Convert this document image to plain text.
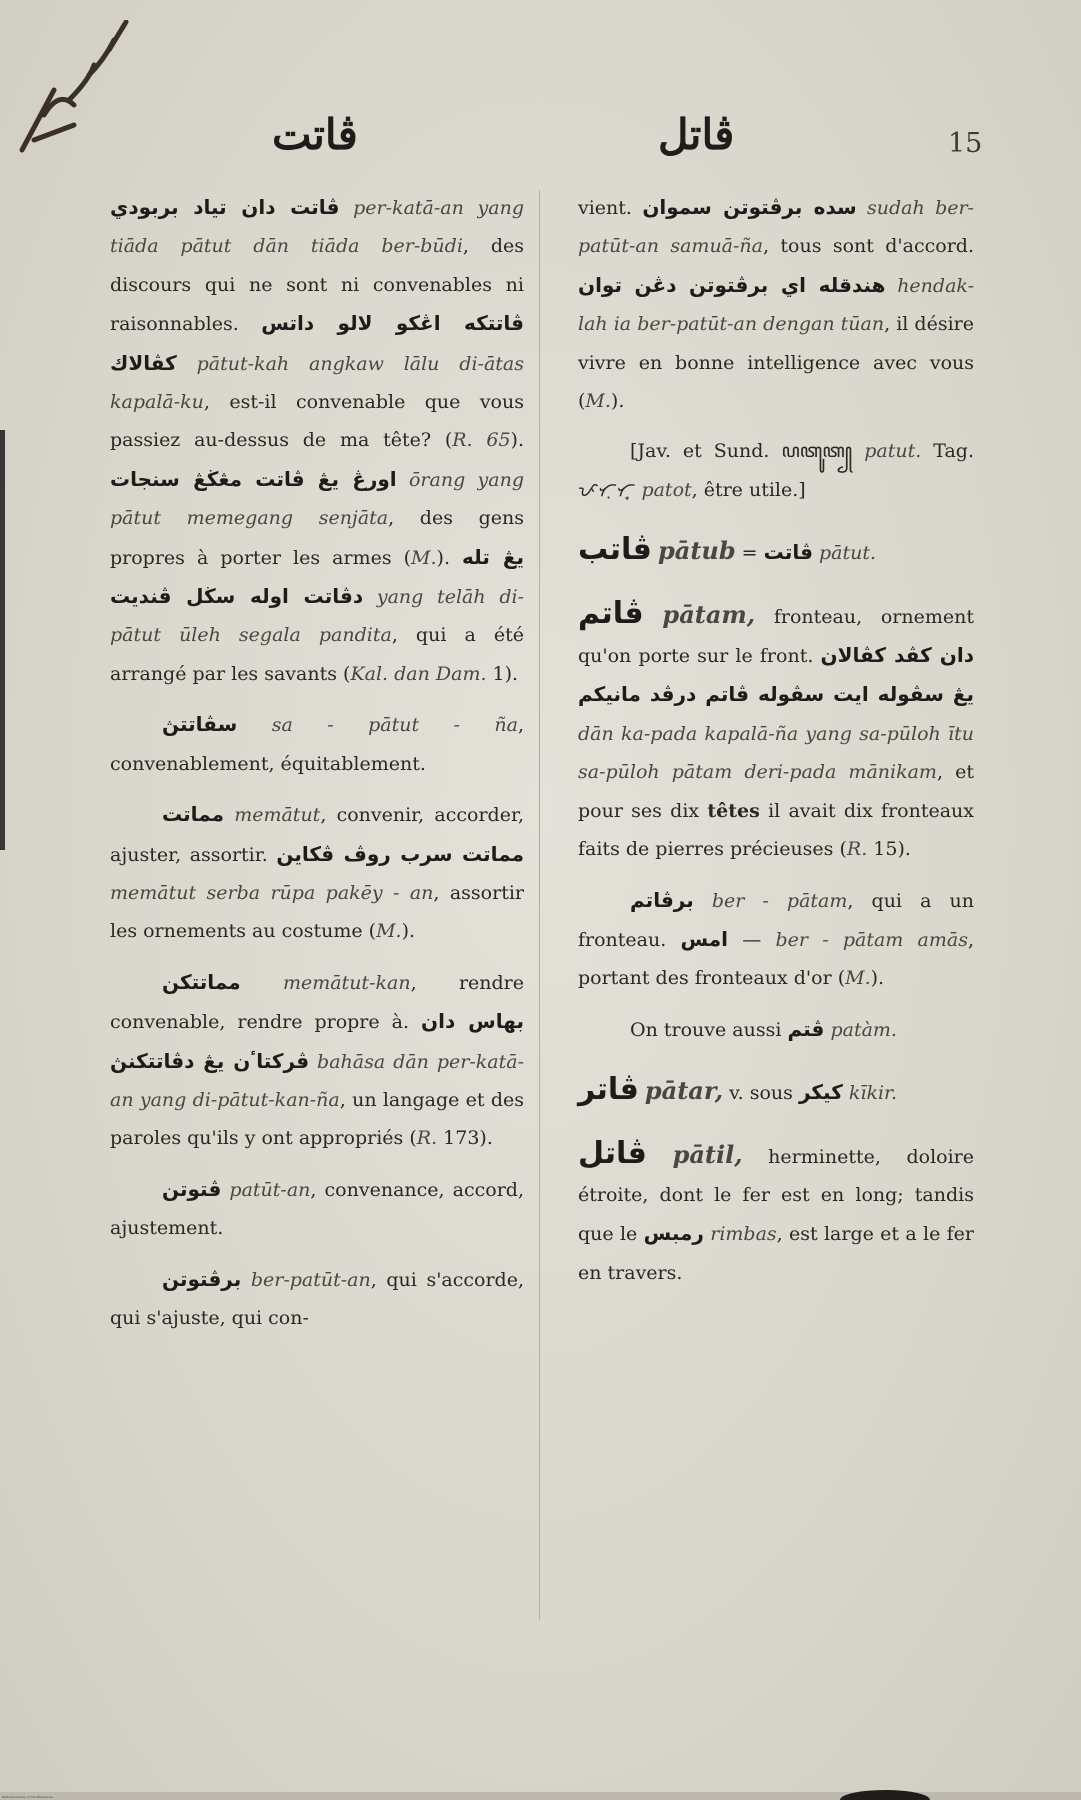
15
ڤاتت	ڤاتل

ڤاتت دان تياد بربودي per-katā-an yang tiāda pātut dān tiāda ber-būdi, des discours qui ne sont ni convenables ni raisonnables. ڤاتتكه اڠكو لالو داتس كڤالاك pātut-kah angkaw lālu di-ātas kapalā-ku, est-il convenable que vous passiez au-dessus de ma tête? (R. 65). اورڠ يڠ ڤاتت مڠڬڠ سنجات ōrang yang pātut memegang senjāta, des gens propres à porter les armes (M.). يڠ تله دڤاتت اوله سڬل ڤنديت yang telāh di-pātut ūleh segala pandita, qui a été arrangé par les savants (Kal. dan Dam. 1).

سڤاتتڽ sa - pātut - ña, convenablement, équitablement.

مماتت memātut, convenir, accorder, ajuster, assortir. مماتت سرب روڤ ڤكاين memātut serba rūpa pakēy - an, assortir les ornements au costume (M.).

مماتتكن memātut-kan, rendre convenable, rendre propre à. بهاس دان ڤركتاٴن يڠ دڤاتتكنڽ bahāsa dān per-katā-an yang di-pātut-kan-ña, un langage et des paroles qu'ils y ont appropriés (R. 173).

ڤتوتن patūt-an, convenance, accord, ajustement.

برڤتوتن ber-patūt-an, qui s'accorde, qui s'ajuste, qui con-

vient. سده برڤتوتن سموان sudah ber-patūt-an samuā-ña, tous sont d'accord. هندقله اي برڤتوتن دڠن توان hendak-lah ia ber-patūt-an dengan tūan, il désire vivre en bonne intelligence avec vous (M.).

[Jav. et Sund. ꦥꦠꦸꦠ꧀ patut. Tag. ᜉᜆᜓᜆ᜔ patot, être utile.]

ڤاتب pātub = ڤاتت pātut.

ڤاتم pātam, fronteau, ornement qu'on porte sur le front. دان كڤد كڤالان يڠ سڤوله ايت سڤوله ڤاتم درڤد مانيكم dān ka-pada kapalā-ña yang sa-pūloh ītu sa-pūloh pātam deri-pada mānikam, et pour ses dix têtes il avait dix fronteaux faits de pierres précieuses (R. 15).

برڤاتم ber - pātam, qui a un fronteau. امس — ber - pātam amās, portant des fronteaux d'or (M.).

On trouve aussi ڤتم patàm.

ڤاتر pātar, v. sous كيكر kīkir.

ڤاتل pātil, herminette, doloire étroite, dont le fer est en long; tandis que le رمبس rimbas, est large et a le fer en travers.

National Library of the Philippines
